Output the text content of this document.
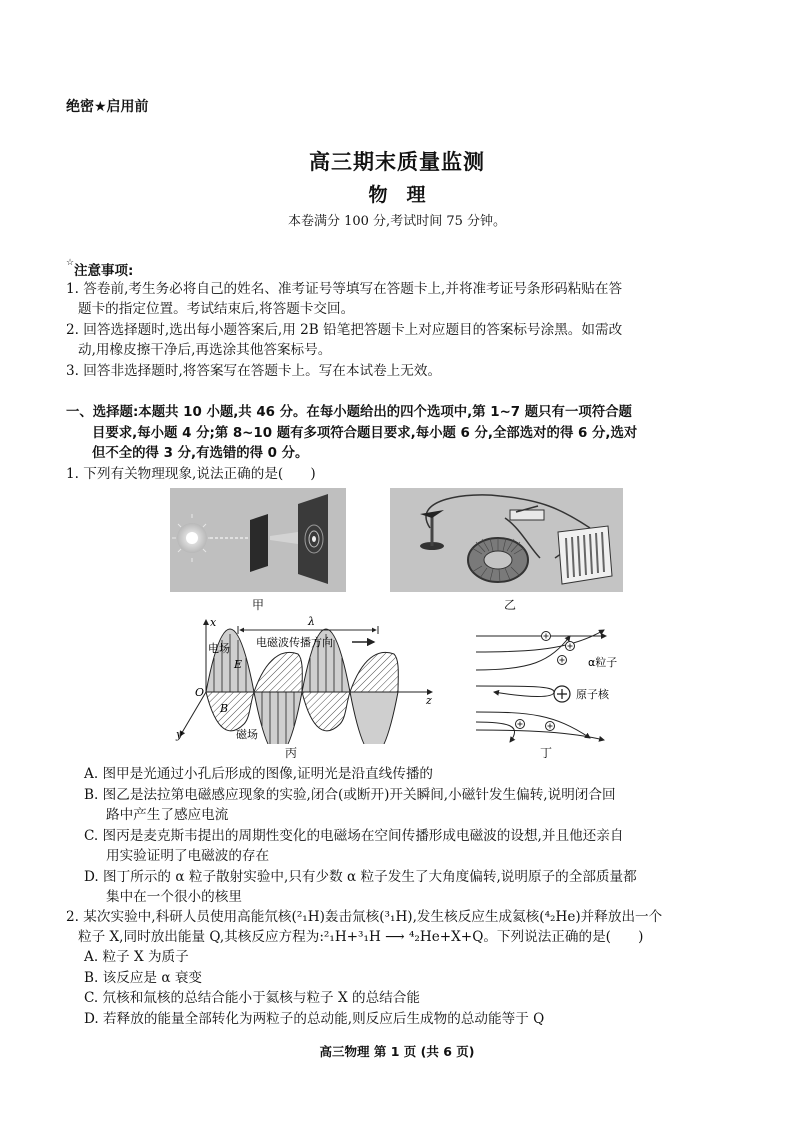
绝密★启用前
高三期末质量监测
物　理
本卷满分 100 分,考试时间 75 分钟。
☆ 注意事项:
1. 答卷前,考生务必将自己的姓名、准考证号等填写在答题卡上,并将准考证号条形码粘贴在答
题卡的指定位置。考试结束后,将答题卡交回。
2. 回答选择题时,选出每小题答案后,用 2B 铅笔把答题卡上对应题目的答案标号涂黑。如需改
动,用橡皮擦干净后,再选涂其他答案标号。
3. 回答非选择题时,将答案写在答题卡上。写在本试卷上无效。
一、选择题:本题共 10 小题,共 46 分。在每小题给出的四个选项中,第 1~7 题只有一项符合题
目要求,每小题 4 分;第 8~10 题有多项符合题目要求,每小题 6 分,全部选对的得 6 分,选对
但不全的得 3 分,有选错的得 0 分。
1. 下列有关物理现象,说法正确的是(　　)
甲	乙
λ
电磁波传播方向
电场
磁场
x
y
z
O
E
B
丙
α粒子
原子核
丁
A. 图甲是光通过小孔后形成的图像,证明光是沿直线传播的
B. 图乙是法拉第电磁感应现象的实验,闭合(或断开)开关瞬间,小磁针发生偏转,说明闭合回
路中产生了感应电流
C. 图丙是麦克斯韦提出的周期性变化的电磁场在空间传播形成电磁波的设想,并且他还亲自
用实验证明了电磁波的存在
D. 图丁所示的 α 粒子散射实验中,只有少数 α 粒子发生了大角度偏转,说明原子的全部质量都
集中在一个很小的核里
2. 某次实验中,科研人员使用高能氘核(²₁H)轰击氚核(³₁H),发生核反应生成氦核(⁴₂He)并释放出一个
粒子 X,同时放出能量 Q,其核反应方程为:²₁H+³₁H ⟶ ⁴₂He+X+Q。下列说法正确的是(　　)
A. 粒子 X 为质子
B. 该反应是 α 衰变
C. 氘核和氚核的总结合能小于氦核与粒子 X 的总结合能
D. 若释放的能量全部转化为两粒子的总动能,则反应后生成物的总动能等于 Q
高三物理 第 1 页 (共 6 页)
